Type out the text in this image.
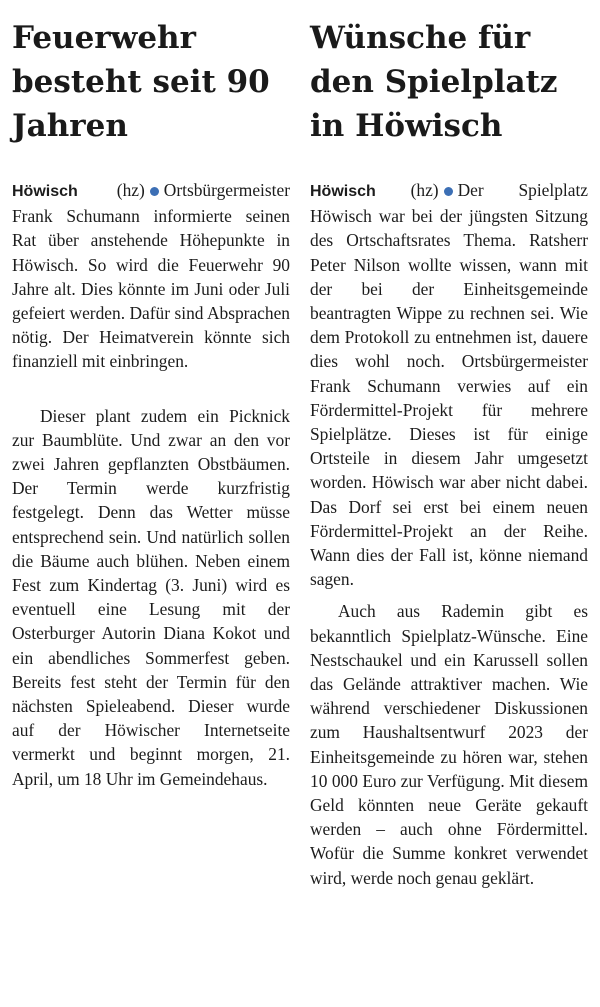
Feuerwehr besteht seit 90 Jahren

Höwisch (hz) Ortsbürgermeister Frank Schumann informierte seinen Rat über anstehende Höhepunkte in Höwisch. So wird die Feuerwehr 90 Jahre alt. Dies könnte im Juni oder Juli gefeiert werden. Dafür sind Absprachen nötig. Der Heimatverein könnte sich finanziell mit einbringen.

Dieser plant zudem ein Picknick zur Baumblüte. Und zwar an den vor zwei Jahren gepflanzten Obstbäumen. Der Termin werde kurzfristig festgelegt. Denn das Wetter müsse entsprechend sein. Und natürlich sollen die Bäume auch blühen. Neben einem Fest zum Kindertag (3. Juni) wird es eventuell eine Lesung mit der Osterburger Autorin Diana Kokot und ein abendliches Sommerfest geben. Bereits fest steht der Termin für den nächsten Spieleabend. Dieser wurde auf der Höwischer Internetseite vermerkt und beginnt morgen, 21. April, um 18 Uhr im Gemeindehaus.

Wünsche für den Spielplatz in Höwisch

Höwisch (hz) Der Spielplatz Höwisch war bei der jüngsten Sitzung des Ortschaftsrates Thema. Ratsherr Peter Nilson wollte wissen, wann mit der bei der Einheitsgemeinde beantragten Wippe zu rechnen sei. Wie dem Protokoll zu entnehmen ist, dauere dies wohl noch. Ortsbürgermeister Frank Schumann verwies auf ein Fördermittel-Projekt für mehrere Spielplätze. Dieses ist für einige Ortsteile in diesem Jahr umgesetzt worden. Höwisch war aber nicht dabei. Das Dorf sei erst bei einem neuen Fördermittel-Projekt an der Reihe. Wann dies der Fall ist, könne niemand sagen.

Auch aus Rademin gibt es bekanntlich Spielplatz-Wünsche. Eine Nestschaukel und ein Karussell sollen das Gelände attraktiver machen. Wie während verschiedener Diskussionen zum Haushaltsentwurf 2023 der Einheitsgemeinde zu hören war, stehen 10 000 Euro zur Verfügung. Mit diesem Geld könnten neue Geräte gekauft werden – auch ohne Fördermittel. Wofür die Summe konkret verwendet wird, werde noch genau geklärt.
